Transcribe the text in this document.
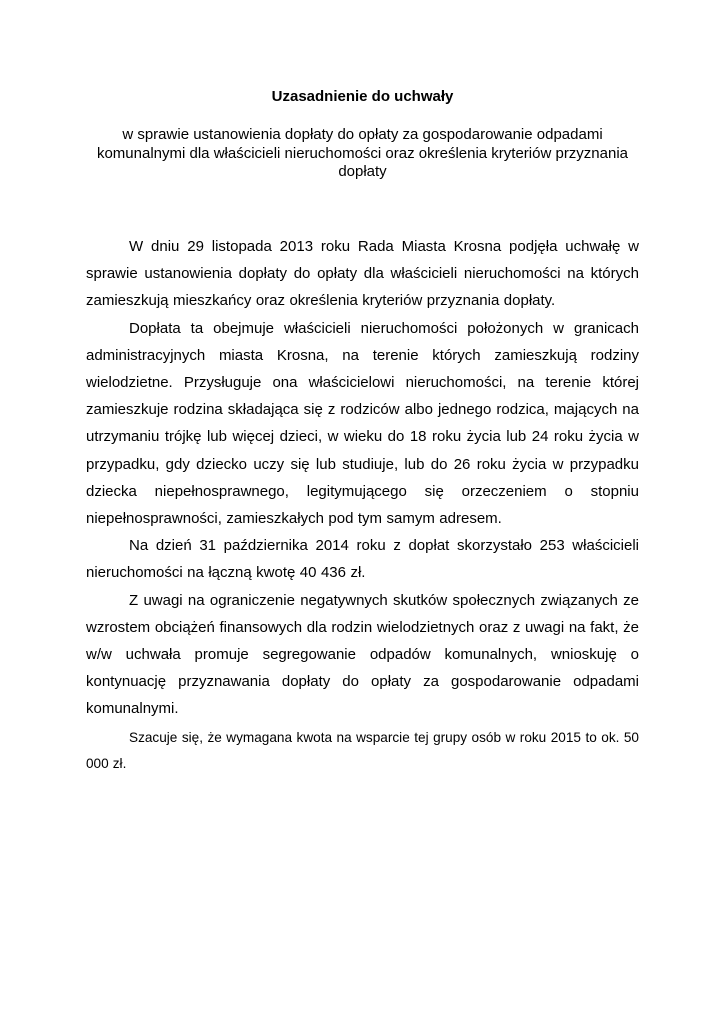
Uzasadnienie do uchwały
w sprawie ustanowienia dopłaty do opłaty za gospodarowanie odpadami komunalnymi dla właścicieli nieruchomości oraz określenia kryteriów przyznania dopłaty

W dniu 29 listopada 2013 roku Rada Miasta Krosna podjęła uchwałę w sprawie ustanowienia dopłaty do opłaty dla właścicieli nieruchomości na których zamieszkują mieszkańcy oraz określenia kryteriów przyznania dopłaty.

Dopłata ta obejmuje właścicieli nieruchomości położonych w granicach administracyjnych miasta Krosna, na terenie których zamieszkują rodziny wielodzietne. Przysługuje ona właścicielowi nieruchomości, na terenie której zamieszkuje rodzina składająca się z rodziców albo jednego rodzica, mających na utrzymaniu trójkę lub więcej dzieci, w wieku do 18 roku życia lub 24 roku życia w przypadku, gdy dziecko uczy się lub studiuje, lub do 26 roku życia w przypadku dziecka niepełnosprawnego, legitymującego się orzeczeniem o stopniu niepełnosprawności, zamieszkałych pod tym samym adresem.

Na dzień 31 października 2014 roku z dopłat skorzystało 253 właścicieli nieruchomości na łączną kwotę 40 436 zł.

Z uwagi na ograniczenie negatywnych skutków społecznych związanych ze wzrostem obciążeń finansowych dla rodzin wielodzietnych oraz z uwagi na fakt, że w/w uchwała promuje segregowanie odpadów komunalnych, wnioskuję o kontynuację przyznawania dopłaty do opłaty za gospodarowanie odpadami komunalnymi.

Szacuje się, że wymagana kwota na wsparcie tej grupy osób w roku 2015 to ok. 50 000 zł.
